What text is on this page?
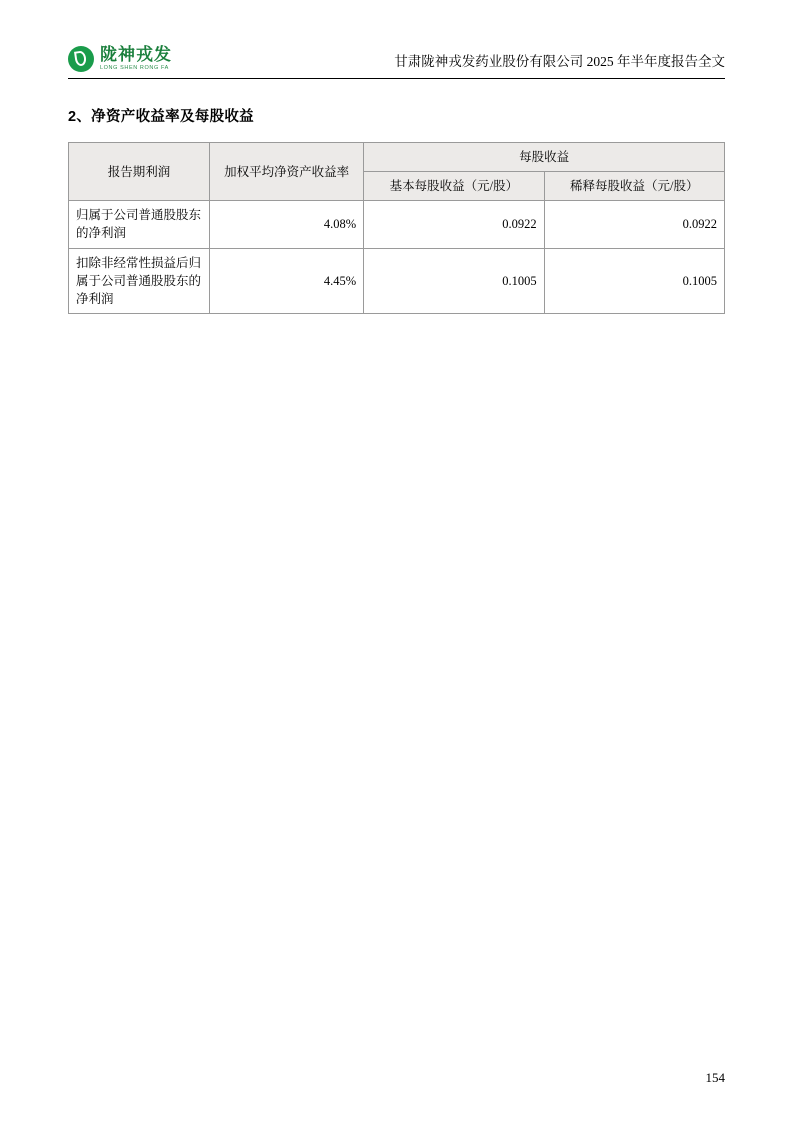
陇神戎发
LONG SHEN RONG FA	甘肃陇神戎发药业股份有限公司 2025 年半年度报告全文
2、净资产收益率及每股收益
报告期利润	加权平均净资产收益率	每股收益	
		基本每股收益（元/股）	稀释每股收益（元/股）
归属于公司普通股股东的净利润	4.08%	0.0922	0.0922
扣除非经常性损益后归属于公司普通股股东的净利润	4.45%	0.1005	0.1005
154
